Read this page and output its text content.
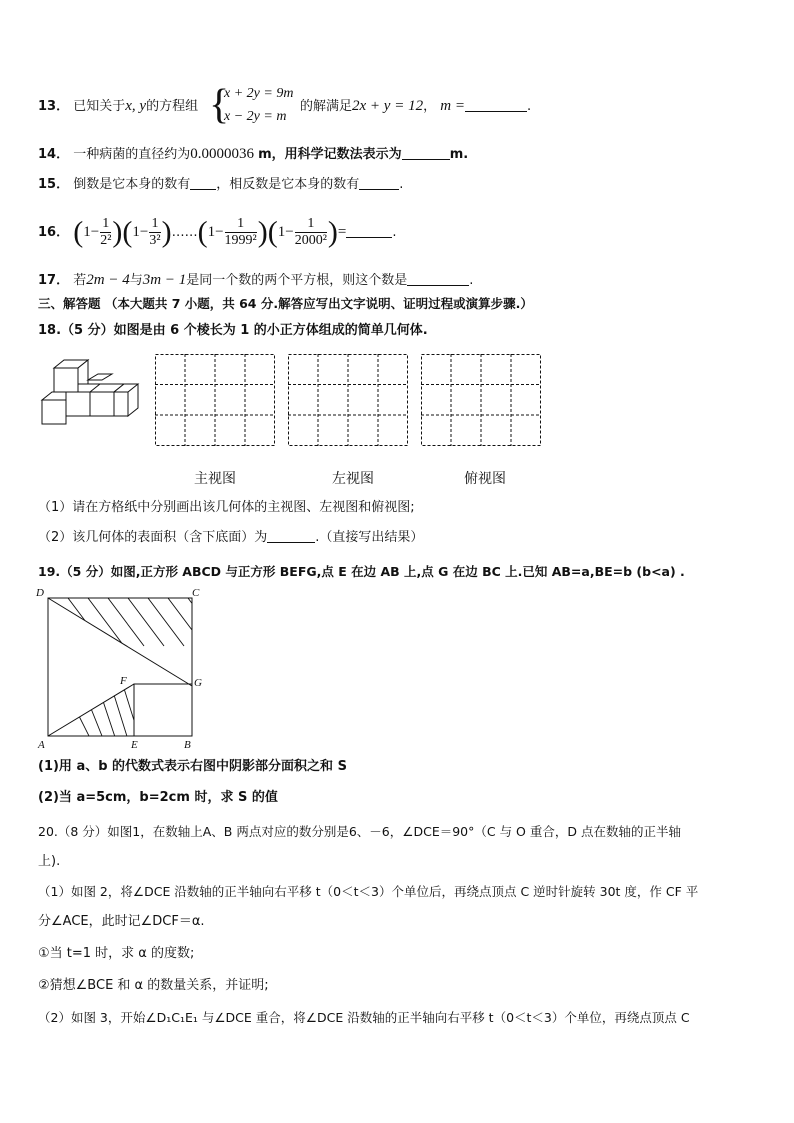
13． 已知关于x, y的方程组 {
x + 2y = 9m
x − 2y = m
的解满足2x + y = 12， m =	.
14． 一种病菌的直径约为0.0000036 m，用科学记数法表示为	m.
15． 倒数是它本身的数有 ，相反数是它本身的数有	.
16． $(1- \frac{1}{\text{2²}} )(1- \frac{1}{\text{3²}}$ )……(1− $\frac{1}{\text{1999²}} )(1- \frac{1}{\text{2000²}}$ )=	.
17． 若2m − 4与3m − 1是同一个数的两个平方根，则这个数是	.
三、解答题 （本大题共 7 小题，共 64 分.解答应写出文字说明、证明过程或演算步骤.）
18.（5 分）如图是由 6 个棱长为 1 的小正方体组成的简单几何体.
主视图	左视图	俯视图
（1）请在方格纸中分别画出该几何体的主视图、左视图和俯视图;
（2）该几何体的表面积（含下底面）为	.（直接写出结果）
19.（5 分）如图,正方形 ABCD 与正方形 BEFG,点 E 在边 AB 上,点 G 在边 BC 上.已知 AB=a,BE=b (b<a) .
D	C
G
F
A	E	B
(1)用 a、b 的代数式表示右图中阴影部分面积之和 S
(2)当 a=5cm，b=2cm 时，求 S 的值
20.（8 分）如图1，在数轴上A、B 两点对应的数分别是6、－6，∠DCE＝90°（C 与 O 重合，D 点在数轴的正半轴
上).
（1）如图 2，将∠DCE 沿数轴的正半轴向右平移 t（0＜t＜3）个单位后，再绕点顶点 C 逆时针旋转 30t 度，作 CF 平
分∠ACE，此时记∠DCF＝α.
①当 t=1 时，求 α 的度数;
②猜想∠BCE 和 α 的数量关系，并证明;
（2）如图 3，开始∠D₁C₁E₁ 与∠DCE 重合，将∠DCE 沿数轴的正半轴向右平移 t（0＜t＜3）个单位，再绕点顶点 C
